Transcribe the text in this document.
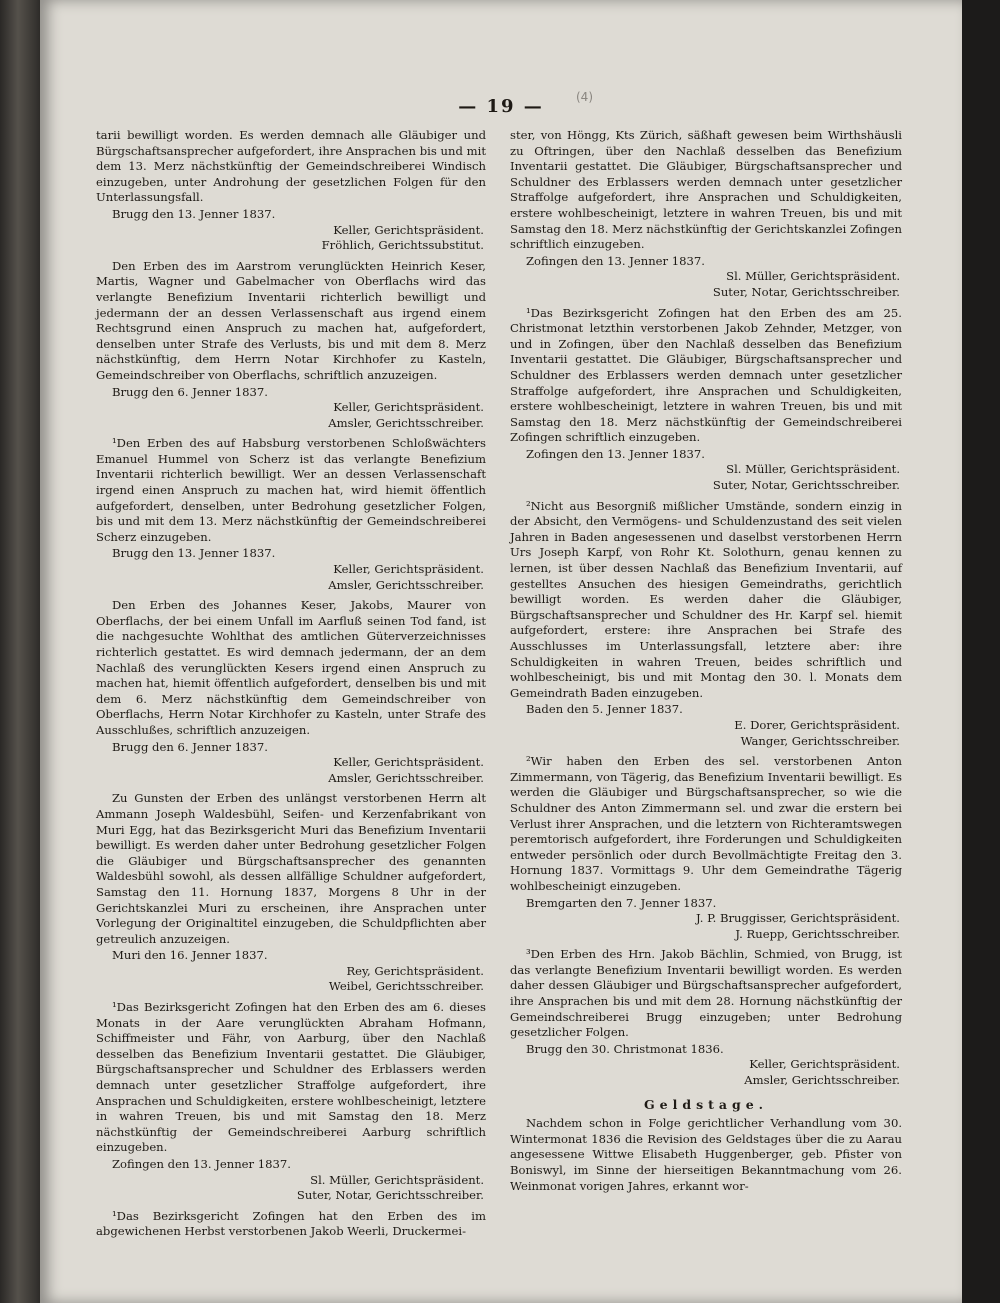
— 19 —	(4)

tarii bewilligt worden. Es werden demnach alle Gläubiger und Bürgschaftsansprecher aufgefordert, ihre Ansprachen bis und mit dem 13. Merz nächstkünftig der Gemeindschreiberei Windisch einzugeben, unter Androhung der gesetzlichen Folgen für den Unterlassungsfall.

Brugg den 13. Jenner 1837.

Keller, Gerichtspräsident.

Fröhlich, Gerichtssubstitut.

Den Erben des im Aarstrom verunglückten Heinrich Keser, Martis, Wagner und Gabelmacher von Oberflachs wird das verlangte Benefizium Inventarii richterlich bewilligt und jedermann der an dessen Verlassenschaft aus irgend einem Rechtsgrund einen Anspruch zu machen hat, aufgefordert, denselben unter Strafe des Verlusts, bis und mit dem 8. Merz nächstkünftig, dem Herrn Notar Kirchhofer zu Kasteln, Gemeindschreiber von Oberflachs, schriftlich anzuzeigen.

Brugg den 6. Jenner 1837.

Keller, Gerichtspräsident.

Amsler, Gerichtsschreiber.

¹Den Erben des auf Habsburg verstorbenen Schloßwächters Emanuel Hummel von Scherz ist das verlangte Benefizium Inventarii richterlich bewilligt. Wer an dessen Verlassenschaft irgend einen Anspruch zu machen hat, wird hiemit öffentlich aufgefordert, denselben, unter Bedrohung gesetzlicher Folgen, bis und mit dem 13. Merz nächstkünftig der Gemeindschreiberei Scherz einzugeben.

Brugg den 13. Jenner 1837.

Keller, Gerichtspräsident.

Amsler, Gerichtsschreiber.

Den Erben des Johannes Keser, Jakobs, Maurer von Oberflachs, der bei einem Unfall im Aarfluß seinen Tod fand, ist die nachgesuchte Wohlthat des amtlichen Güterverzeichnisses richterlich gestattet. Es wird demnach jedermann, der an dem Nachlaß des verunglückten Kesers irgend einen Anspruch zu machen hat, hiemit öffentlich aufgefordert, denselben bis und mit dem 6. Merz nächstkünftig dem Gemeindschreiber von Oberflachs, Herrn Notar Kirchhofer zu Kasteln, unter Strafe des Ausschlußes, schriftlich anzuzeigen.

Brugg den 6. Jenner 1837.

Keller, Gerichtspräsident.

Amsler, Gerichtsschreiber.

Zu Gunsten der Erben des unlängst verstorbenen Herrn alt Ammann Joseph Waldesbühl, Seifen- und Kerzenfabrikant von Muri Egg, hat das Bezirksgericht Muri das Benefizium Inventarii bewilligt. Es werden daher unter Bedrohung gesetzlicher Folgen die Gläubiger und Bürgschaftsansprecher des genannten Waldesbühl sowohl, als dessen allfällige Schuldner aufgefordert, Samstag den 11. Hornung 1837, Morgens 8 Uhr in der Gerichtskanzlei Muri zu erscheinen, ihre Ansprachen unter Vorlegung der Originaltitel einzugeben, die Schuldpflichten aber getreulich anzuzeigen.

Muri den 16. Jenner 1837.

Rey, Gerichtspräsident.

Weibel, Gerichtsschreiber.

¹Das Bezirksgericht Zofingen hat den Erben des am 6. dieses Monats in der Aare verunglückten Abraham Hofmann, Schiffmeister und Fähr, von Aarburg, über den Nachlaß desselben das Benefizium Inventarii gestattet. Die Gläubiger, Bürgschaftsansprecher und Schuldner des Erblassers werden demnach unter gesetzlicher Straffolge aufgefordert, ihre Ansprachen und Schuldigkeiten, erstere wohlbescheinigt, letztere in wahren Treuen, bis und mit Samstag den 18. Merz nächstkünftig der Gemeindschreiberei Aarburg schriftlich einzugeben.

Zofingen den 13. Jenner 1837.

Sl. Müller, Gerichtspräsident.

Suter, Notar, Gerichtsschreiber.

¹Das Bezirksgericht Zofingen hat den Erben des im abgewichenen Herbst verstorbenen Jakob Weerli, Druckermei-

ster, von Höngg, Kts Zürich, säßhaft gewesen beim Wirthshäusli zu Oftringen, über den Nachlaß desselben das Benefizium Inventarii gestattet. Die Gläubiger, Bürgschaftsansprecher und Schuldner des Erblassers werden demnach unter gesetzlicher Straffolge aufgefordert, ihre Ansprachen und Schuldigkeiten, erstere wohlbescheinigt, letztere in wahren Treuen, bis und mit Samstag den 18. Merz nächstkünftig der Gerichtskanzlei Zofingen schriftlich einzugeben.

Zofingen den 13. Jenner 1837.

Sl. Müller, Gerichtspräsident.

Suter, Notar, Gerichtsschreiber.

¹Das Bezirksgericht Zofingen hat den Erben des am 25. Christmonat letzthin verstorbenen Jakob Zehnder, Metzger, von und in Zofingen, über den Nachlaß desselben das Benefizium Inventarii gestattet. Die Gläubiger, Bürgschaftsansprecher und Schuldner des Erblassers werden demnach unter gesetzlicher Straffolge aufgefordert, ihre Ansprachen und Schuldigkeiten, erstere wohlbescheinigt, letztere in wahren Treuen, bis und mit Samstag den 18. Merz nächstkünftig der Gemeindschreiberei Zofingen schriftlich einzugeben.

Zofingen den 13. Jenner 1837.

Sl. Müller, Gerichtspräsident.

Suter, Notar, Gerichtsschreiber.

²Nicht aus Besorgniß mißlicher Umstände, sondern einzig in der Absicht, den Vermögens- und Schuldenzustand des seit vielen Jahren in Baden angesessenen und daselbst verstorbenen Herrn Urs Joseph Karpf, von Rohr Kt. Solothurn, genau kennen zu lernen, ist über dessen Nachlaß das Benefizium Inventarii, auf gestelltes Ansuchen des hiesigen Gemeindraths, gerichtlich bewilligt worden. Es werden daher die Gläubiger, Bürgschaftsansprecher und Schuldner des Hr. Karpf sel. hiemit aufgefordert, erstere: ihre Ansprachen bei Strafe des Ausschlusses im Unterlassungsfall, letztere aber: ihre Schuldigkeiten in wahren Treuen, beides schriftlich und wohlbescheinigt, bis und mit Montag den 30. l. Monats dem Gemeindrath Baden einzugeben.

Baden den 5. Jenner 1837.

E. Dorer, Gerichtspräsident.

Wanger, Gerichtsschreiber.

²Wir haben den Erben des sel. verstorbenen Anton Zimmermann, von Tägerig, das Benefizium Inventarii bewilligt. Es werden die Gläubiger und Bürgschaftsansprecher, so wie die Schuldner des Anton Zimmermann sel. und zwar die erstern bei Verlust ihrer Ansprachen, und die letztern von Richteramtswegen peremtorisch aufgefordert, ihre Forderungen und Schuldigkeiten entweder persönlich oder durch Bevollmächtigte Freitag den 3. Hornung 1837. Vormittags 9. Uhr dem Gemeindrathe Tägerig wohlbescheinigt einzugeben.

Bremgarten den 7. Jenner 1837.

J. P. Bruggisser, Gerichtspräsident.

J. Ruepp, Gerichtsschreiber.

³Den Erben des Hrn. Jakob Bächlin, Schmied, von Brugg, ist das verlangte Benefizium Inventarii bewilligt worden. Es werden daher dessen Gläubiger und Bürgschaftsansprecher aufgefordert, ihre Ansprachen bis und mit dem 28. Hornung nächstkünftig der Gemeindschreiberei Brugg einzugeben; unter Bedrohung gesetzlicher Folgen.

Brugg den 30. Christmonat 1836.

Keller, Gerichtspräsident.

Amsler, Gerichtsschreiber.

Geldstage.

Nachdem schon in Folge gerichtlicher Verhandlung vom 30. Wintermonat 1836 die Revision des Geldstages über die zu Aarau angesessene Wittwe Elisabeth Huggenberger, geb. Pfister von Boniswyl, im Sinne der hierseitigen Bekanntmachung vom 26. Weinmonat vorigen Jahres, erkannt wor-
